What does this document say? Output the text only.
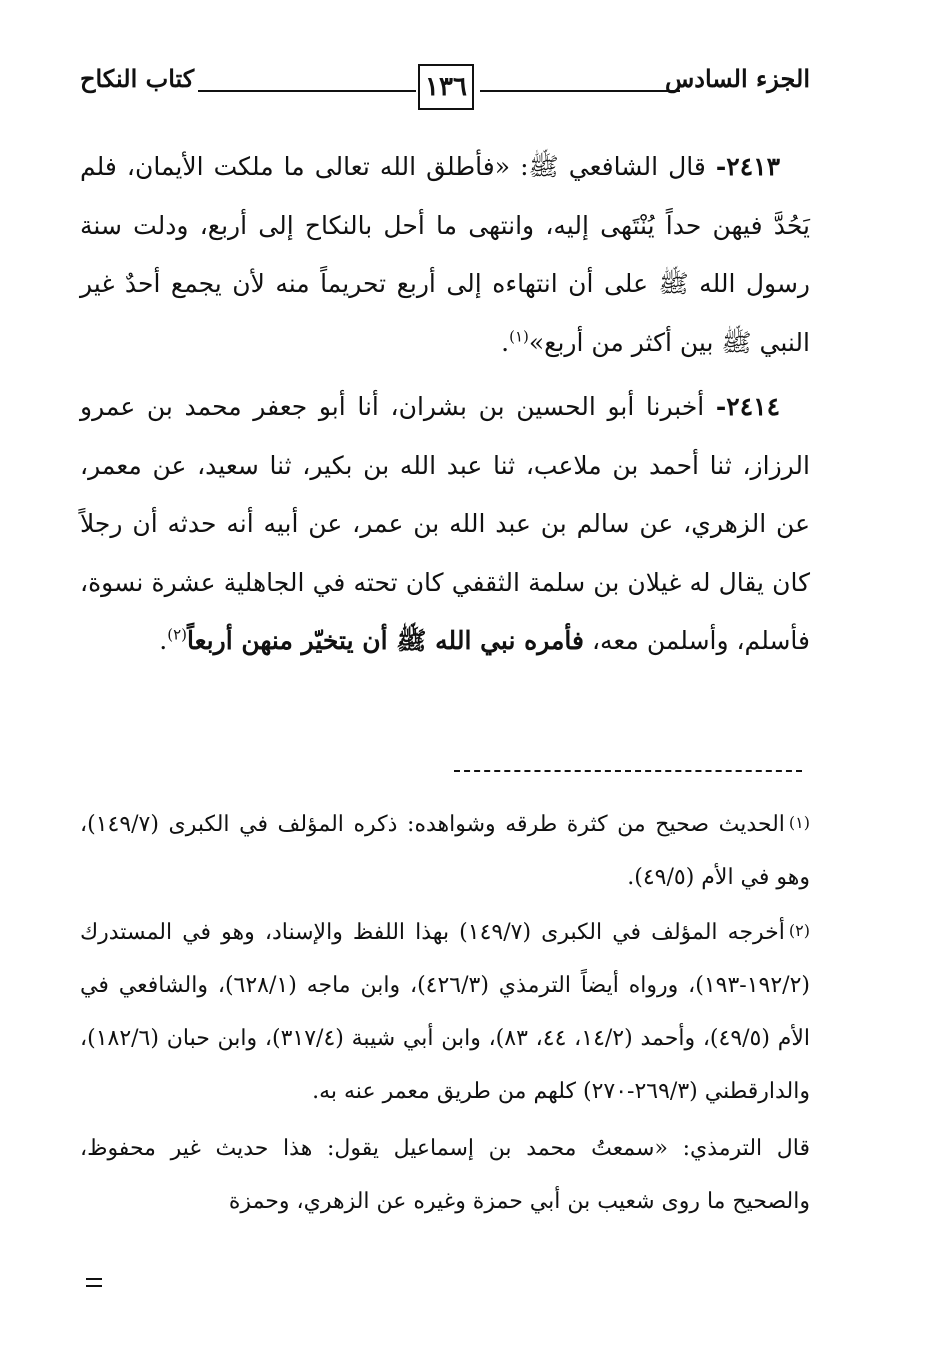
الجزء السادس
١٣٦
كتاب النكاح

٢٤١٣- قال الشافعي ﷺ: «فأطلق الله تعالى ما ملكت الأيمان، فلم يَحُدَّ فيهن حداً يُنْتَهى إليه، وانتهى ما أحل بالنكاح إلى أربع، ودلت سنة رسول الله ﷺ على أن انتهاءه إلى أربع تحريماً منه لأن يجمع أحدٌ غير النبي ﷺ بين أكثر من أربع»$^{(١)}$.

٢٤١٤- أخبرنا أبو الحسين بن بشران، أنا أبو جعفر محمد بن عمرو الرزاز، ثنا أحمد بن ملاعب، ثنا عبد الله بن بكير، ثنا سعيد، عن معمر، عن الزهري، عن سالم بن عبد الله بن عمر، عن أبيه أنه حدثه أن رجلاً كان يقال له غيلان بن سلمة الثقفي كان تحته في الجاهلية عشرة نسوة، فأسلم، وأسلمن معه، فأمره نبي الله ﷺ أن يتخيّر منهن أربعاً$^{(٢)}$.

(١)الحديث صحيح من كثرة طرقه وشواهده: ذكره المؤلف في الكبرى (١٤٩/٧)، وهو في الأم (٤٩/٥).

(٢)أخرجه المؤلف في الكبرى (١٤٩/٧) بهذا اللفظ والإسناد، وهو في المستدرك (١٩٢/٢-١٩٣)، ورواه أيضاً الترمذي (٤٢٦/٣)، وابن ماجه (٦٢٨/١)، والشافعي في الأم (٤٩/٥)، وأحمد (١٤/٢، ٤٤، ٨٣)، وابن أبي شيبة (٣١٧/٤)، وابن حبان (١٨٢/٦)، والدارقطني (٢٦٩/٣-٢٧٠) كلهم من طريق معمر عنه به.

قال الترمذي: «سمعتُ محمد بن إسماعيل يقول: هذا حديث غير محفوظ، والصحيح ما روى شعيب بن أبي حمزة وغيره عن الزهري، وحمزة
